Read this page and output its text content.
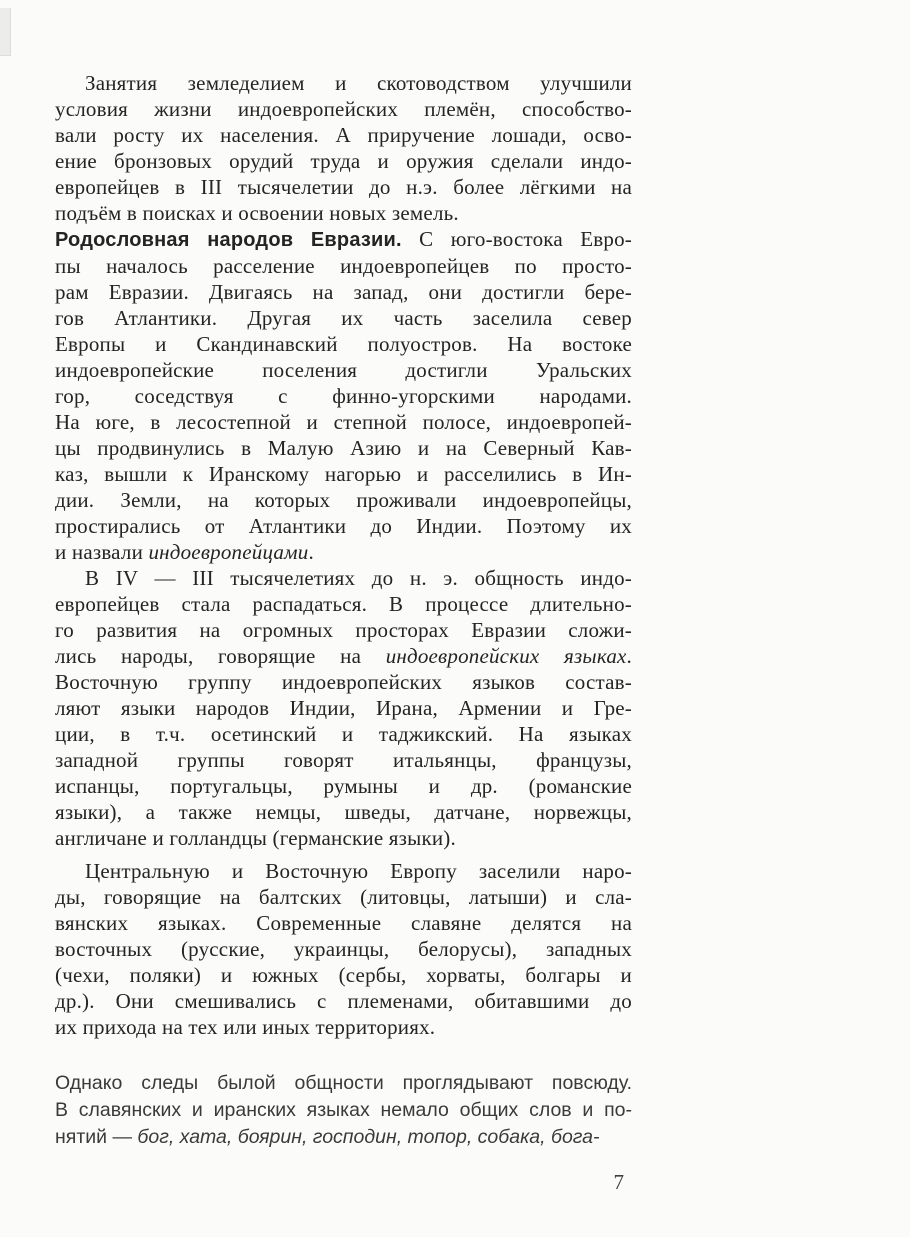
Занятия земледелием и скотоводством улучшили
условия жизни индоевропейских племён, способство-
вали росту их населения. А приручение лошади, осво-
ение бронзовых орудий труда и оружия сделали индо-
европейцев в III тысячелетии до н.э. более лёгкими на
подъём в поисках и освоении новых земель.
Родословная народов Евразии. С юго-востока Евро-
пы началось расселение индоевропейцев по просто-
рам Евразии. Двигаясь на запад, они достигли бере-
гов Атлантики. Другая их часть заселила север
Европы и Скандинавский полуостров. На востоке
индоевропейские поселения достигли Уральских
гор, соседствуя с финно-угорскими народами.
На юге, в лесостепной и степной полосе, индоевропей-
цы продвинулись в Малую Азию и на Северный Кав-
каз, вышли к Иранскому нагорью и расселились в Ин-
дии. Земли, на которых проживали индоевропейцы,
простирались от Атлантики до Индии. Поэтому их
и назвали индоевропейцами.
В IV — III тысячелетиях до н. э. общность индо-
европейцев стала распадаться. В процессе длительно-
го развития на огромных просторах Евразии сложи-
лись народы, говорящие на индоевропейских языках.
Восточную группу индоевропейских языков состав-
ляют языки народов Индии, Ирана, Армении и Гре-
ции, в т.ч. осетинский и таджикский. На языках
западной группы говорят итальянцы, французы,
испанцы, португальцы, румыны и др. (романские
языки), а также немцы, шведы, датчане, норвежцы,
англичане и голландцы (германские языки).
Центральную и Восточную Европу заселили наро-
ды, говорящие на балтских (литовцы, латыши) и сла-
вянских языках. Современные славяне делятся на
восточных (русские, украинцы, белорусы), западных
(чехи, поляки) и южных (сербы, хорваты, болгары и
др.). Они смешивались с племенами, обитавшими до
их прихода на тех или иных территориях.
Однако следы былой общности проглядывают повсюду.
В славянских и иранских языках немало общих слов и по-
нятий — бог, хата, боярин, господин, топор, собака, бога-
7
